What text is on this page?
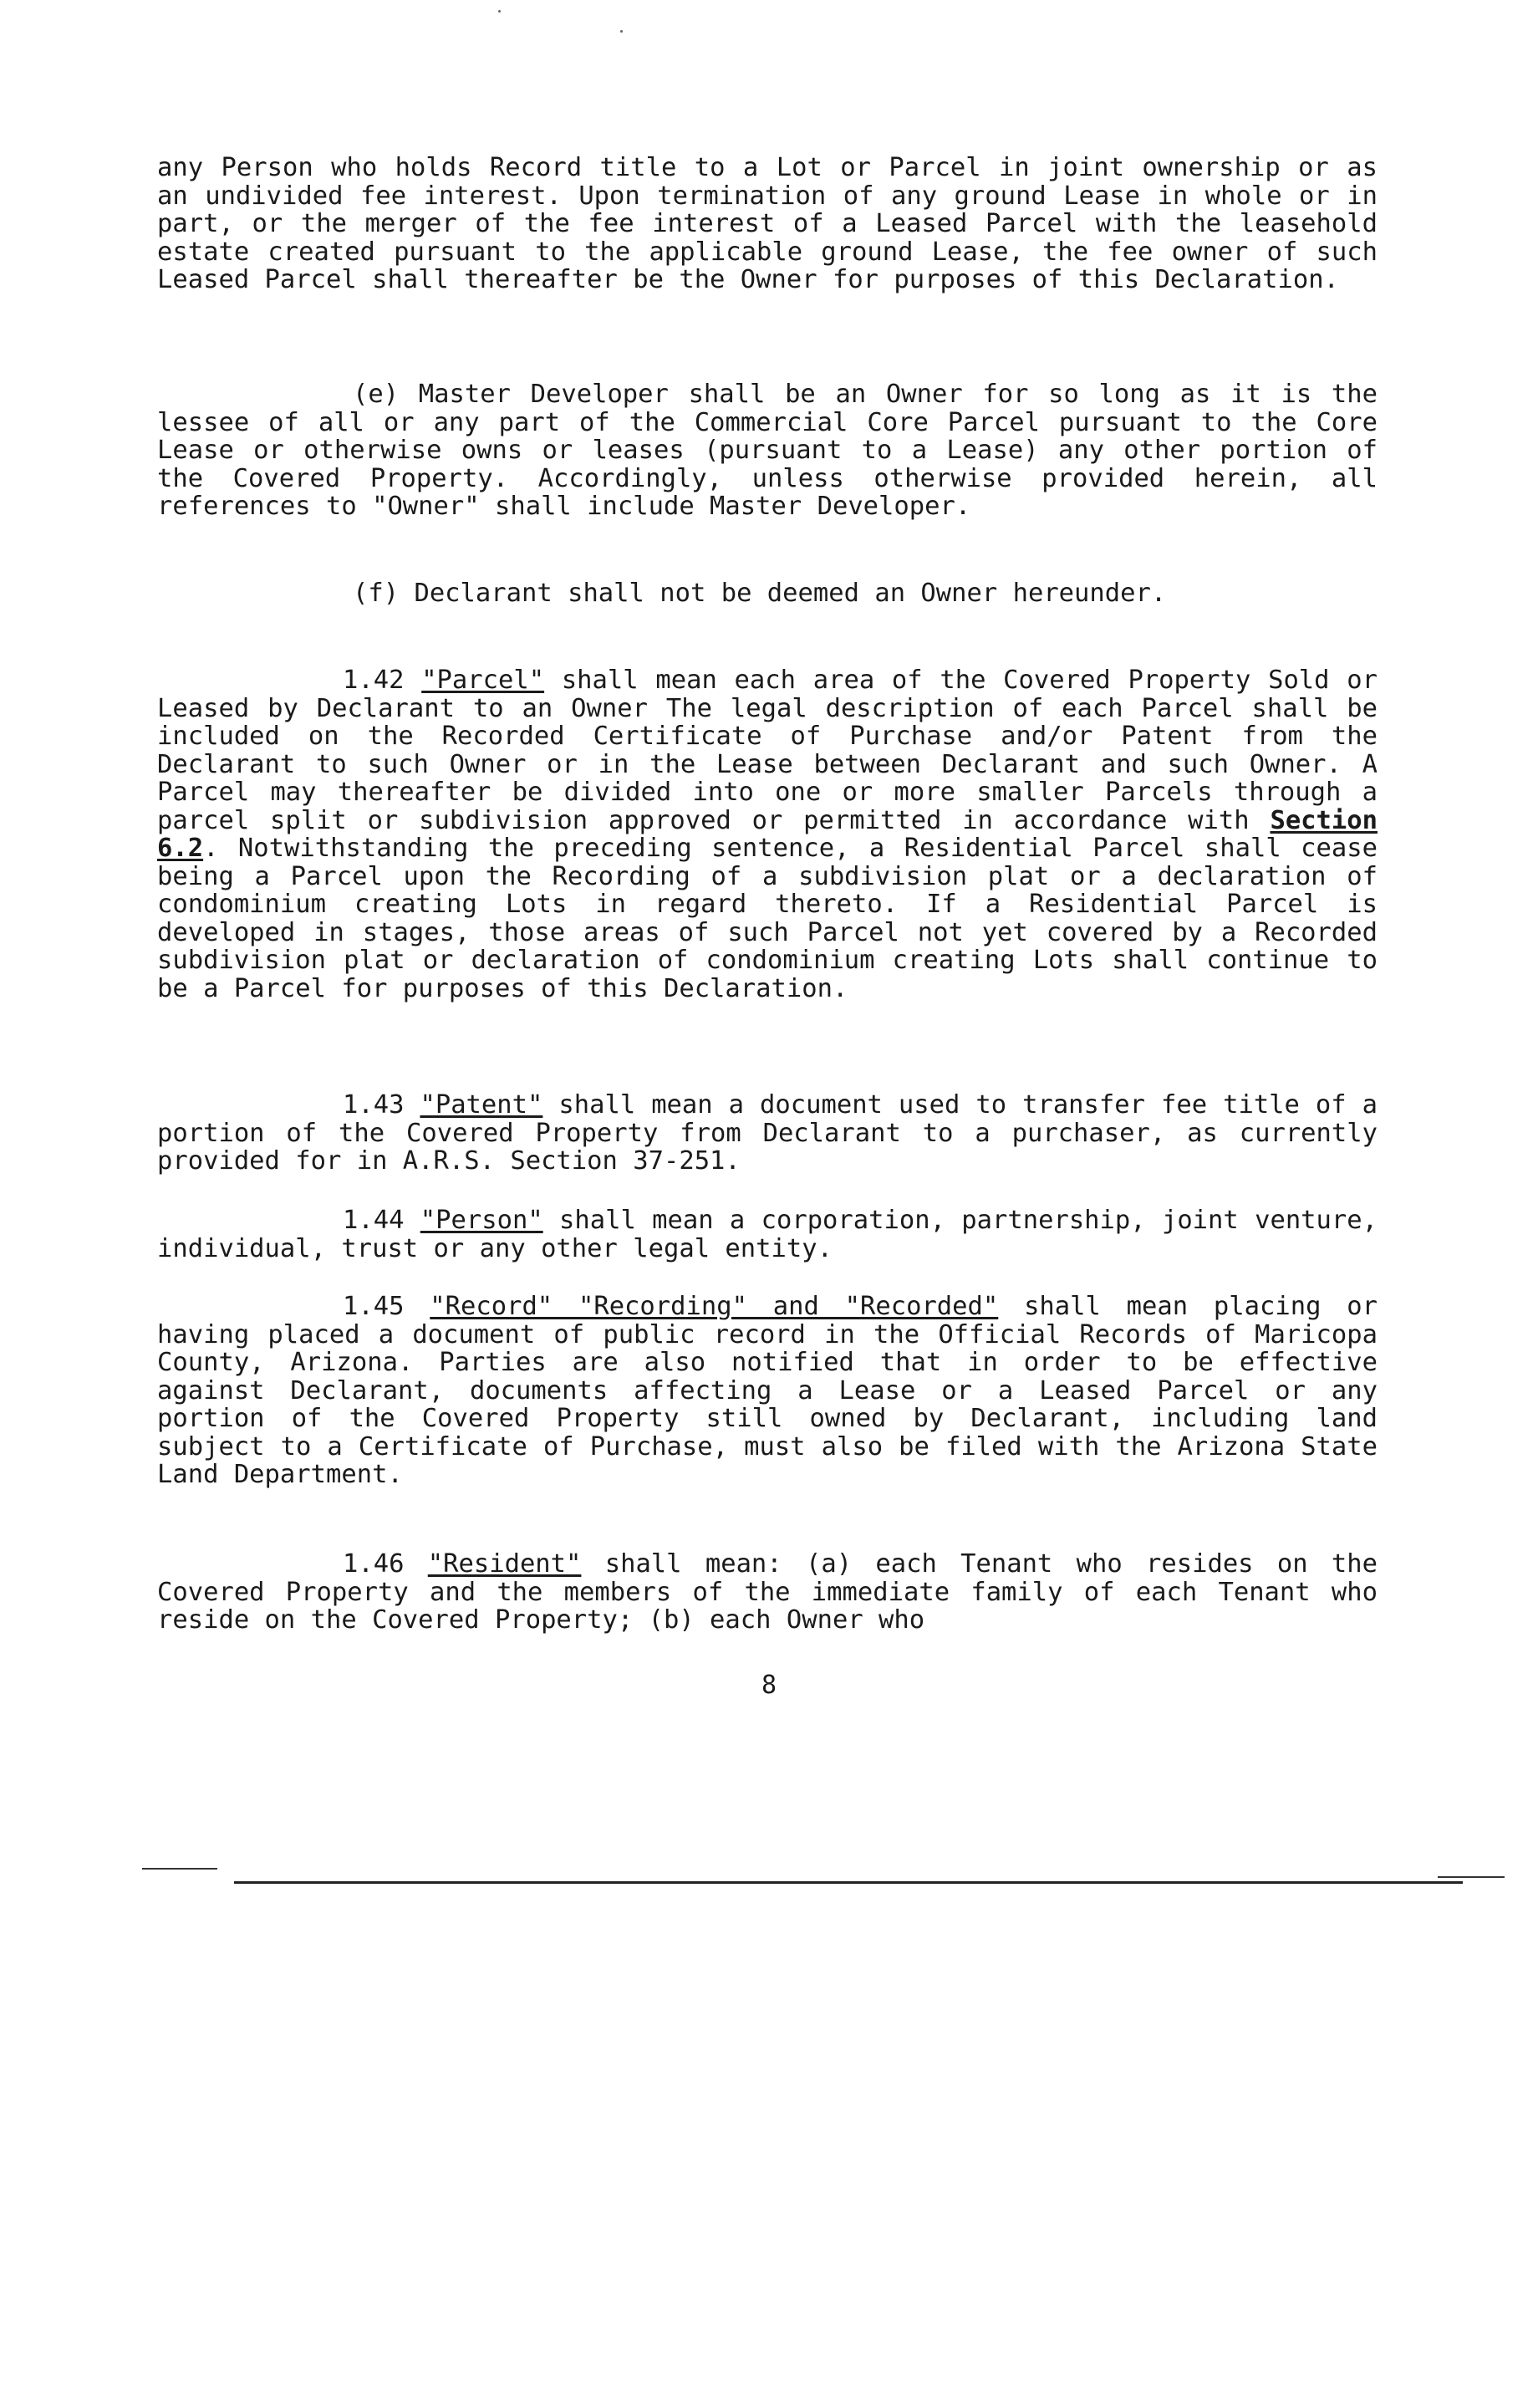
any Person who holds Record title to a Lot or Parcel in joint ownership or as an undivided fee interest. Upon termination of any ground Lease in whole or in part, or the merger of the fee interest of a Leased Parcel with the leasehold estate created pursuant to the applicable ground Lease, the fee owner of such Leased Parcel shall thereafter be the Owner for purposes of this Declaration.

(e) Master Developer shall be an Owner for so long as it is the lessee of all or any part of the Commercial Core Parcel pursuant to the Core Lease or otherwise owns or leases (pursuant to a Lease) any other portion of the Covered Property. Accordingly, unless otherwise provided herein, all references to "Owner" shall include Master Developer.

(f) Declarant shall not be deemed an Owner hereunder.

1.42 "Parcel" shall mean each area of the Covered Property Sold or Leased by Declarant to an Owner The legal description of each Parcel shall be included on the Recorded Certificate of Purchase and/or Patent from the Declarant to such Owner or in the Lease between Declarant and such Owner. A Parcel may thereafter be divided into one or more smaller Parcels through a parcel split or subdivision approved or permitted in accordance with Section 6.2. Notwithstanding the preceding sentence, a Residential Parcel shall cease being a Parcel upon the Recording of a subdivision plat or a declaration of condominium creating Lots in regard thereto. If a Residential Parcel is developed in stages, those areas of such Parcel not yet covered by a Recorded subdivision plat or declaration of condominium creating Lots shall continue to be a Parcel for purposes of this Declaration.

1.43 "Patent" shall mean a document used to transfer fee title of a portion of the Covered Property from Declarant to a purchaser, as currently provided for in A.R.S. Section 37-251.

1.44 "Person" shall mean a corporation, partnership, joint venture, individual, trust or any other legal entity.

1.45 "Record" "Recording" and "Recorded" shall mean placing or having placed a document of public record in the Official Records of Maricopa County, Arizona. Parties are also notified that in order to be effective against Declarant, documents affecting a Lease or a Leased Parcel or any portion of the Covered Property still owned by Declarant, including land subject to a Certificate of Purchase, must also be filed with the Arizona State Land Department.

1.46 "Resident" shall mean: (a) each Tenant who resides on the Covered Property and the members of the immediate family of each Tenant who reside on the Covered Property; (b) each Owner who

8
